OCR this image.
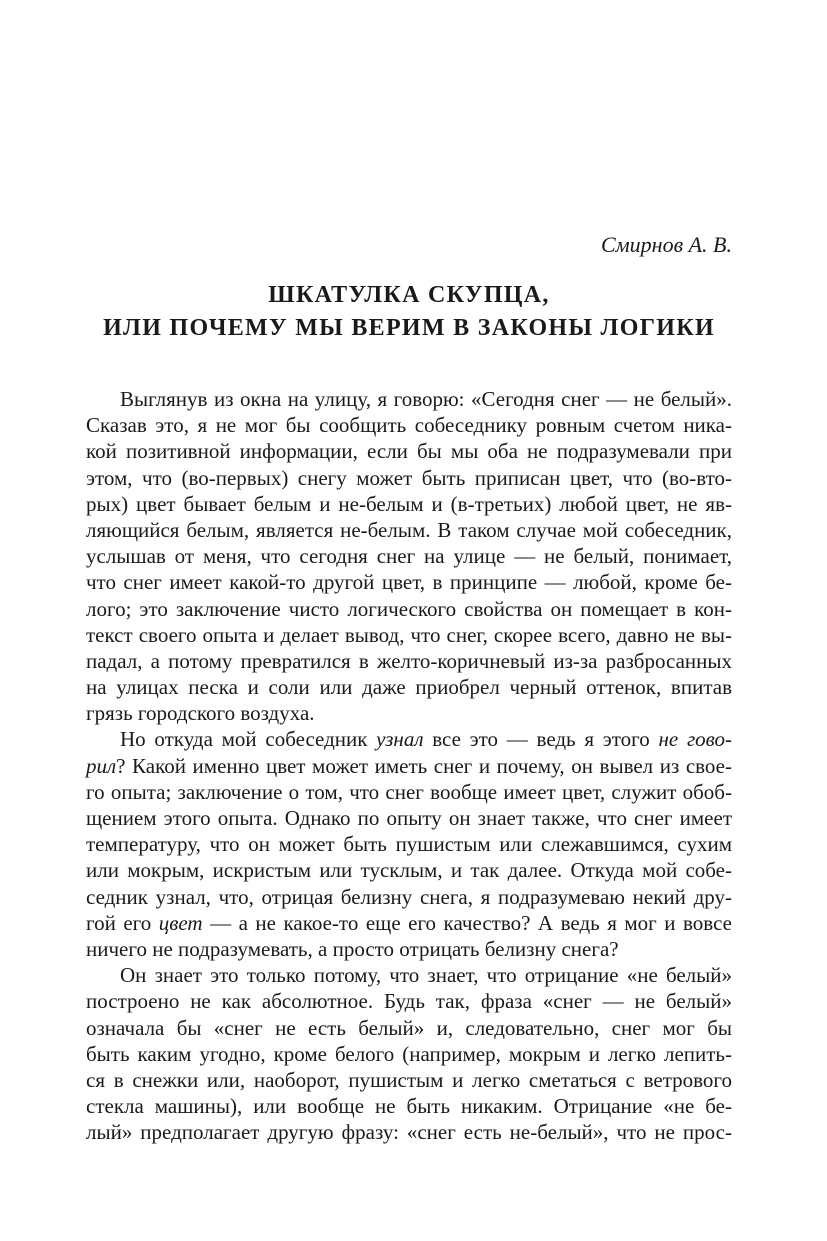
Смирнов А. В.
ШКАТУЛКА СКУПЦА,
ИЛИ ПОЧЕМУ МЫ ВЕРИМ В ЗАКОНЫ ЛОГИКИ
Выглянув из окна на улицу, я говорю: «Сегодня снег — не белый».
Сказав это, я не мог бы сообщить собеседнику ровным счетом ника-
кой позитивной информации, если бы мы оба не подразумевали при
этом, что (во-первых) снегу может быть приписан цвет, что (во-вто-
рых) цвет бывает белым и не-белым и (в-третьих) любой цвет, не яв-
ляющийся белым, является не-белым. В таком случае мой собеседник,
услышав от меня, что сегодня снег на улице — не белый, понимает,
что снег имеет какой-то другой цвет, в принципе — любой, кроме бе-
лого; это заключение чисто логического свойства он помещает в кон-
текст своего опыта и делает вывод, что снег, скорее всего, давно не вы-
падал, а потому превратился в желто-коричневый из-за разбросанных
на улицах песка и соли или даже приобрел черный оттенок, впитав
грязь городского воздуха.
Но откуда мой собеседник узнал все это — ведь я этого не гово-
рил? Какой именно цвет может иметь снег и почему, он вывел из свое-
го опыта; заключение о том, что снег вообще имеет цвет, служит обоб-
щением этого опыта. Однако по опыту он знает также, что снег имеет
температуру, что он может быть пушистым или слежавшимся, сухим
или мокрым, искристым или тусклым, и так далее. Откуда мой собе-
седник узнал, что, отрицая белизну снега, я подразумеваю некий дру-
гой его цвет — а не какое-то еще его качество? А ведь я мог и вовсе
ничего не подразумевать, а просто отрицать белизну снега?
Он знает это только потому, что знает, что отрицание «не белый»
построено не как абсолютное. Будь так, фраза «снег — не белый»
означала бы «снег не есть белый» и, следовательно, снег мог бы
быть каким угодно, кроме белого (например, мокрым и легко лепить-
ся в снежки или, наоборот, пушистым и легко сметаться с ветрового
стекла машины), или вообще не быть никаким. Отрицание «не бе-
лый» предполагает другую фразу: «снег есть не-белый», что не прос-
